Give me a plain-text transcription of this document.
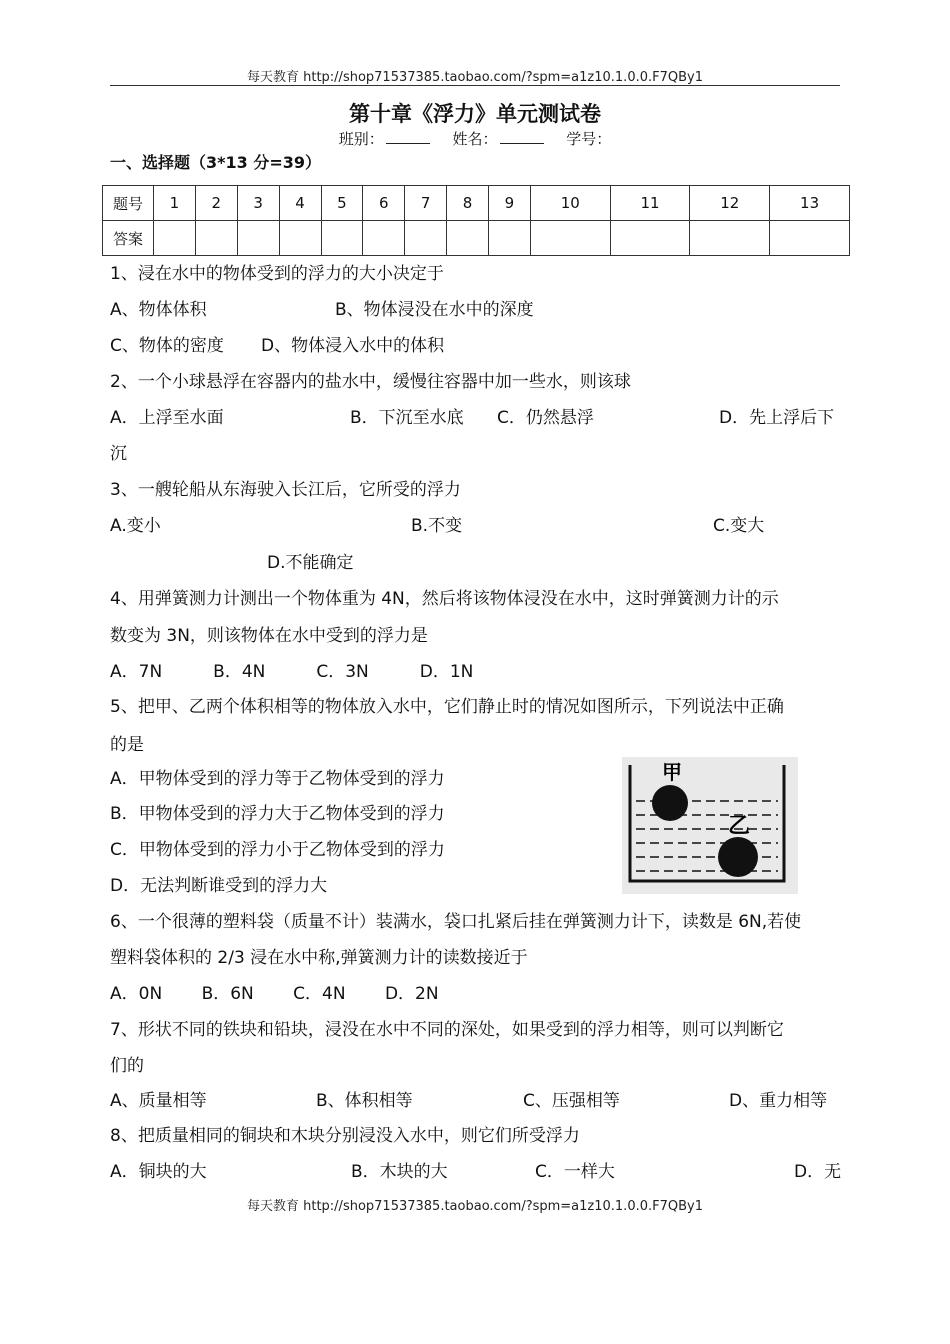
每天教育 http://shop71537385.taobao.com/?spm=a1z10.1.0.0.F7QBy1
第十章《浮力》单元测试卷
班别：	姓名：	学号：
一、选择题（3*13 分=39）
题号	1	2	3	4	5	6	7	8	9	10	11	12	13
答案													
1、浸在水中的物体受到的浮力的大小决定于
A、物体体积	B、物体浸没在水中的深度
C、物体的密度 D、物体浸入水中的体积
2、一个小球悬浮在容器内的盐水中，缓慢往容器中加一些水，则该球
A．上浮至水面	B．下沉至水底 C．仍然悬浮	D．先上浮后下
沉
3、一艘轮船从东海驶入长江后，它所受的浮力
A.变小	B.不变	C.变大
D.不能确定
4、用弹簧测力计测出一个物体重为 4N，然后将该物体浸没在水中，这时弹簧测力计的示
数变为 3N，则该物体在水中受到的浮力是
A．7N　　　B．4N　　　C．3N　　　D．1N
5、把甲、乙两个体积相等的物体放入水中，它们静止时的情况如图所示，下列说法中正确
的是
A．甲物体受到的浮力等于乙物体受到的浮力
B．甲物体受到的浮力大于乙物体受到的浮力
C．甲物体受到的浮力小于乙物体受到的浮力
D．无法判断谁受到的浮力大
甲
乙
6、一个很薄的塑料袋（质量不计）装满水，袋口扎紧后挂在弹簧测力计下，读数是 6N,若使
塑料袋体积的 2/3 浸在水中称,弹簧测力计的读数接近于
A．0N　　 B．6N　　 C．4N　　 D．2N
7、形状不同的铁块和铅块，浸没在水中不同的深处，如果受到的浮力相等，则可以判断它
们的
A、质量相等	B、体积相等	C、压强相等	D、重力相等
8、把质量相同的铜块和木块分别浸没入水中，则它们所受浮力
A．铜块的大	B．木块的大	C．一样大	D．无
每天教育 http://shop71537385.taobao.com/?spm=a1z10.1.0.0.F7QBy1
